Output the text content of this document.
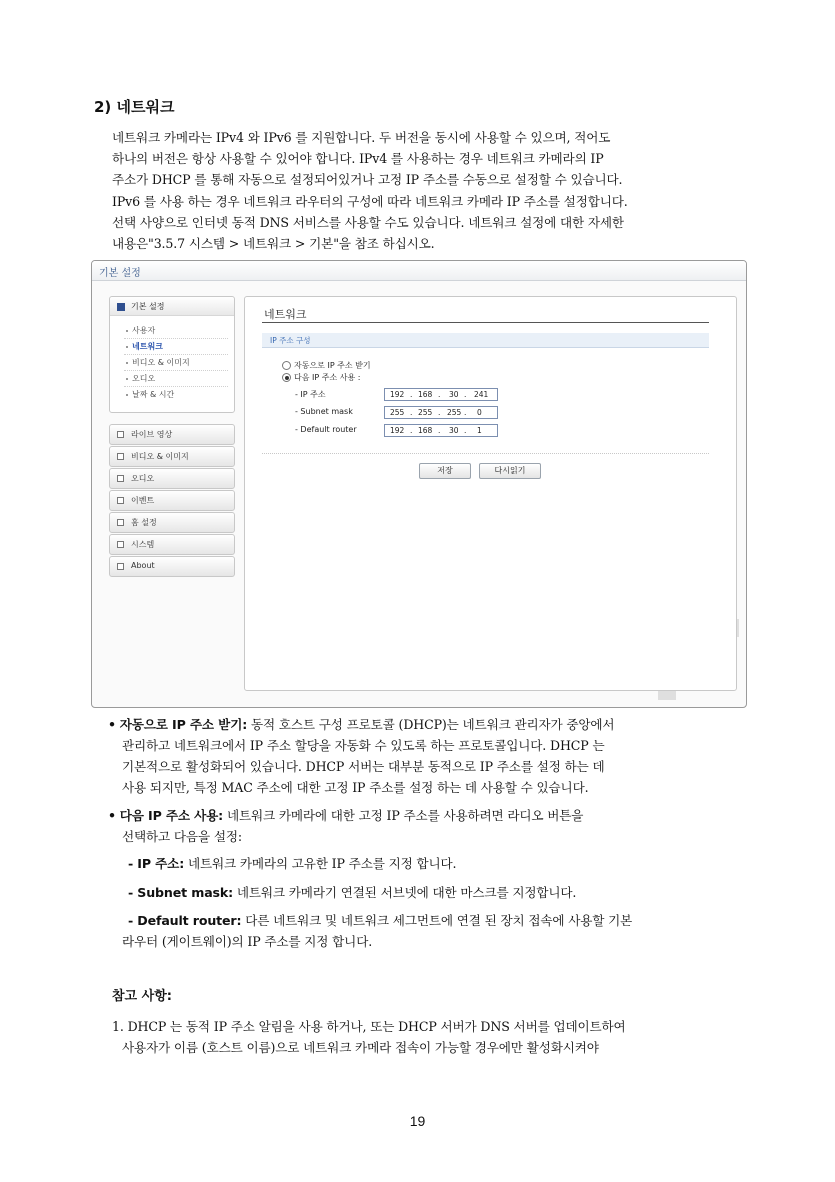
2) 네트워크
네트워크 카메라는 IPv4 와 IPv6 를 지원합니다. 두 버전을 동시에 사용할 수 있으며, 적어도
하나의 버전은 항상 사용할 수 있어야 합니다. IPv4 를 사용하는 경우 네트워크 카메라의 IP
주소가 DHCP 를 통해 자동으로 설정되어있거나 고정 IP 주소를 수동으로 설정할 수 있습니다.
IPv6 를 사용 하는 경우 네트워크 라우터의 구성에 따라 네트워크 카메라 IP 주소를 설정합니다.
선택 사양으로 인터넷 동적 DNS 서비스를 사용할 수도 있습니다. 네트워크 설정에 대한 자세한
내용은"3.5.7 시스템 > 네트워크 > 기본"을 참조 하십시오.
기본 설정
기본 설정
사용자
네트워크
비디오 & 이미지
오디오
날짜 & 시간
라이브 영상
비디오 & 이미지
오디오
이벤트
홈 설정
시스템
About
네트워크
IP 주소 구성
자동으로 IP 주소 받기
다음 IP 주소 사용 :
- IP 주소	192 . 168 . 30 . 241
- Subnet mask	255 . 255 . 255 . 0
- Default router	192 . 168 . 30 . 1
저장	다시읽기
• 자동으로 IP 주소 받기: 동적 호스트 구성 프로토콜 (DHCP)는 네트워크 관리자가 중앙에서
관리하고 네트워크에서 IP 주소 할당을 자동화 수 있도록 하는 프로토콜입니다. DHCP 는
기본적으로 활성화되어 있습니다. DHCP 서버는 대부분 동적으로 IP 주소를 설정 하는 데
사용 되지만, 특정 MAC 주소에 대한 고정 IP 주소를 설정 하는 데 사용할 수 있습니다.
• 다음 IP 주소 사용: 네트워크 카메라에 대한 고정 IP 주소를 사용하려면 라디오 버튼을
선택하고 다음을 설정:
- IP 주소: 네트워크 카메라의 고유한 IP 주소를 지정 합니다.
- Subnet mask: 네트워크 카메라기 연결된 서브넷에 대한 마스크를 지정합니다.
- Default router: 다른 네트워크 및 네트워크 세그먼트에 연결 된 장치 접속에 사용할 기본
라우터 (게이트웨이)의 IP 주소를 지정 합니다.
참고 사항:
1. DHCP 는 동적 IP 주소 알림을 사용 하거나, 또는 DHCP 서버가 DNS 서버를 업데이트하여
사용자가 이름 (호스트 이름)으로 네트워크 카메라 접속이 가능할 경우에만 활성화시켜야
19
